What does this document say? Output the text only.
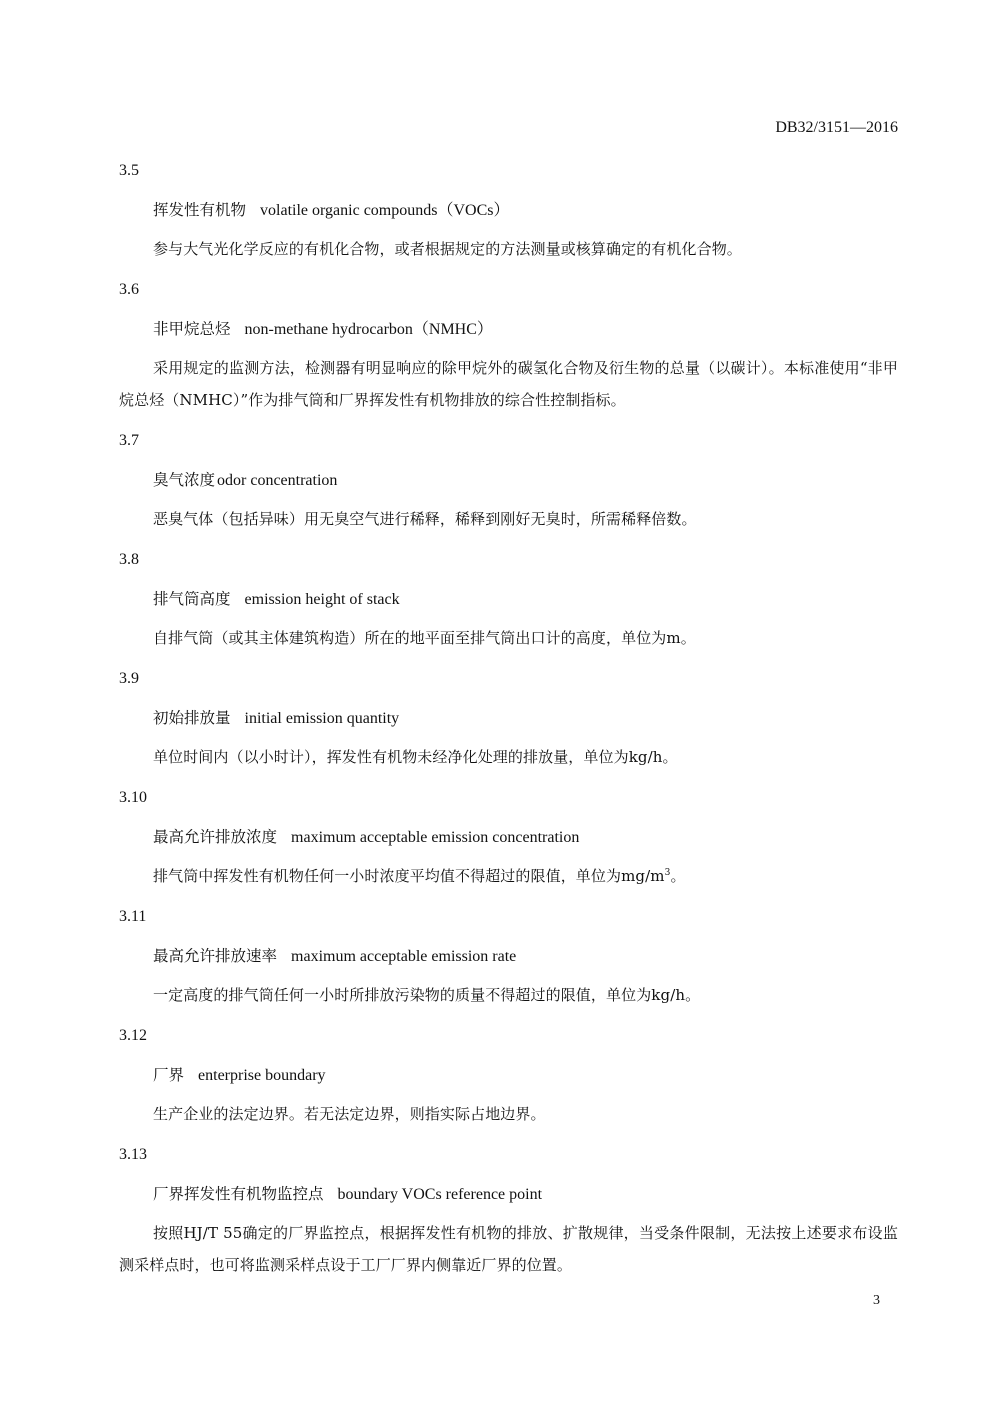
DB32/3151—2016
3.5
挥发性有机物 volatile organic compounds（VOCs）

参与大气光化学反应的有机化合物，或者根据规定的方法测量或核算确定的有机化合物。

3.6
非甲烷总烃 non-methane hydrocarbon（NMHC）

采用规定的监测方法，检测器有明显响应的除甲烷外的碳氢化合物及衍生物的总量（以碳计）。本标准使用“非甲烷总烃（NMHC）”作为排气筒和厂界挥发性有机物排放的综合性控制指标。

3.7
臭气浓度 odor concentration

恶臭气体（包括异味）用无臭空气进行稀释，稀释到刚好无臭时，所需稀释倍数。

3.8
排气筒高度 emission height of stack

自排气筒（或其主体建筑构造）所在的地平面至排气筒出口计的高度，单位为m。

3.9
初始排放量 initial emission quantity

单位时间内（以小时计），挥发性有机物未经净化处理的排放量，单位为kg/h。

3.10
最高允许排放浓度 maximum acceptable emission concentration

排气筒中挥发性有机物任何一小时浓度平均值不得超过的限值，单位为$mg/m^3$。

3.11
最高允许排放速率 maximum acceptable emission rate

一定高度的排气筒任何一小时所排放污染物的质量不得超过的限值，单位为kg/h。

3.12
厂界 enterprise boundary

生产企业的法定边界。若无法定边界，则指实际占地边界。

3.13
厂界挥发性有机物监控点 boundary VOCs reference point

按照HJ/T 55确定的厂界监控点，根据挥发性有机物的排放、扩散规律，当受条件限制，无法按上述要求布设监测采样点时，也可将监测采样点设于工厂厂界内侧靠近厂界的位置。

3
